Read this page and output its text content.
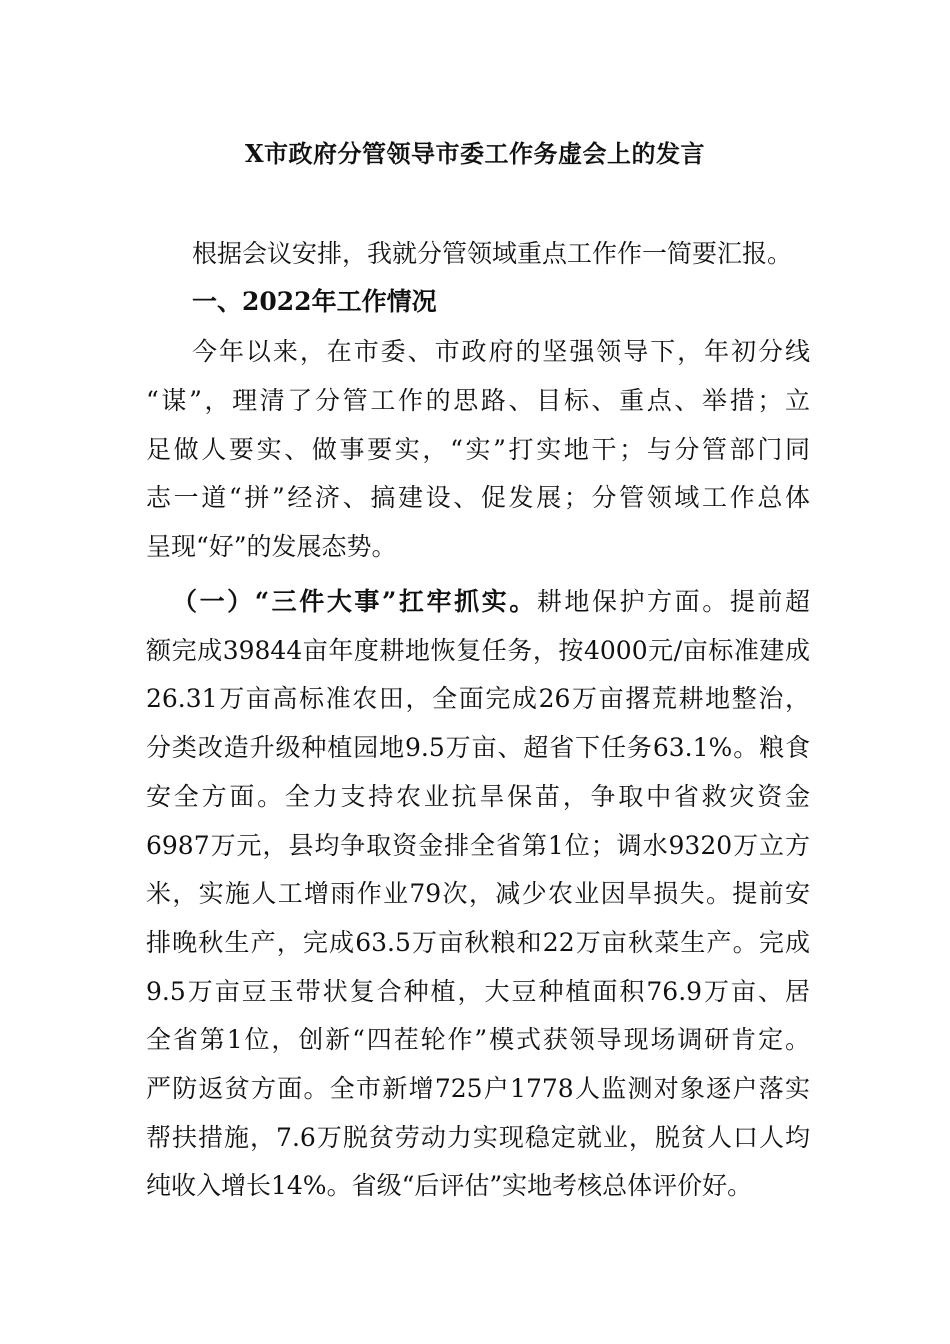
X市政府分管领导市委工作务虚会上的发言
根据会议安排，我就分管领域重点工作作一简要汇报。
一、2022年工作情况
今年以来，在市委、市政府的坚强领导下，年初分线
“谋”，理清了分管工作的思路、目标、重点、举措；立
足做人要实、做事要实，“实”打实地干；与分管部门同
志一道“拼”经济、搞建设、促发展；分管领域工作总体
呈现“好”的发展态势。
（一）“三件大事”扛牢抓实。耕地保护方面。提前超
额完成39844亩年度耕地恢复任务，按4000元/亩标准建成
26.31万亩高标准农田，全面完成26万亩撂荒耕地整治，
分类改造升级种植园地9.5万亩、超省下任务63.1%。粮食
安全方面。全力支持农业抗旱保苗，争取中省救灾资金
6987万元，县均争取资金排全省第1位；调水9320万立方
米，实施人工增雨作业79次，减少农业因旱损失。提前安
排晚秋生产，完成63.5万亩秋粮和22万亩秋菜生产。完成
9.5万亩豆玉带状复合种植，大豆种植面积76.9万亩、居
全省第1位，创新“四茬轮作”模式获领导现场调研肯定。
严防返贫方面。全市新增725户1778人监测对象逐户落实
帮扶措施，7.6万脱贫劳动力实现稳定就业，脱贫人口人均
纯收入增长14%。省级“后评估”实地考核总体评价好。
